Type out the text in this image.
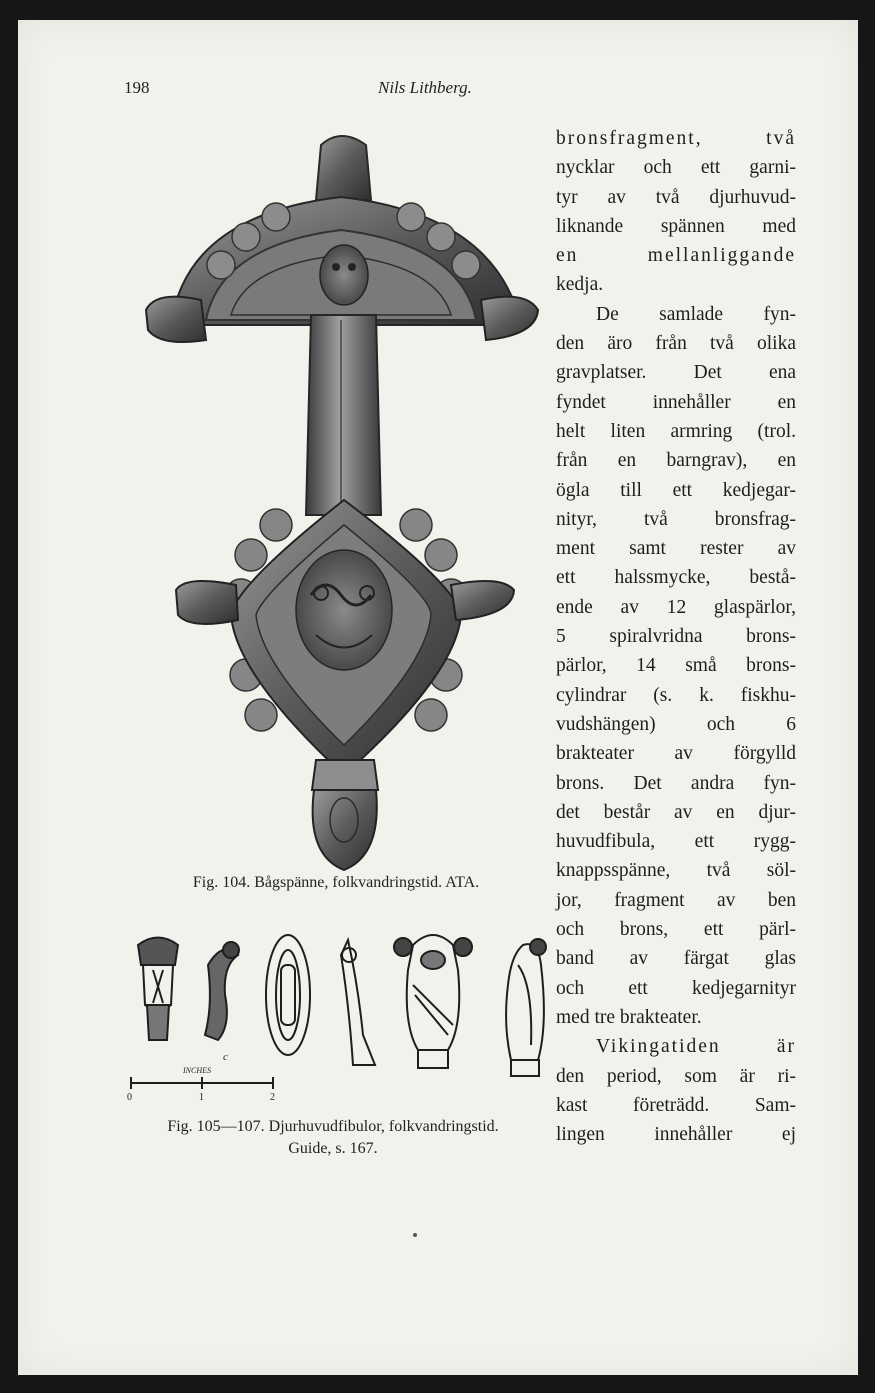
198	Nils Lithberg.
Fig. 104. Bågspänne, folkvandringstid. ATA.
INCHES
0	1	2
c
Fig. 105—107. Djurhuvudfibulor, folkvandringstid.
Guide, s. 167.
bronsfragment, två
nycklar och ett garni-
tyr av två djurhuvud-
liknande spännen med
en mellanliggande
kedja.
De samlade fyn-
den äro från två olika
gravplatser. Det ena
fyndet innehåller en
helt liten armring (trol.
från en barngrav), en
ögla till ett kedjegar-
nityr, två bronsfrag-
ment samt rester av
ett halssmycke, bestå-
ende av 12 glaspärlor,
5 spiralvridna brons-
pärlor, 14 små brons-
cylindrar (s. k. fiskhu-
vudshängen) och 6
brakteater av förgylld
brons. Det andra fyn-
det består av en djur-
huvudfibula, ett rygg-
knappsspänne, två söl-
jor, fragment av ben
och brons, ett pärl-
band av färgat glas
och ett kedjegarnityr
med tre brakteater.
Vikingatiden är
den period, som är ri-
kast företrädd. Sam-
lingen innehåller ej
